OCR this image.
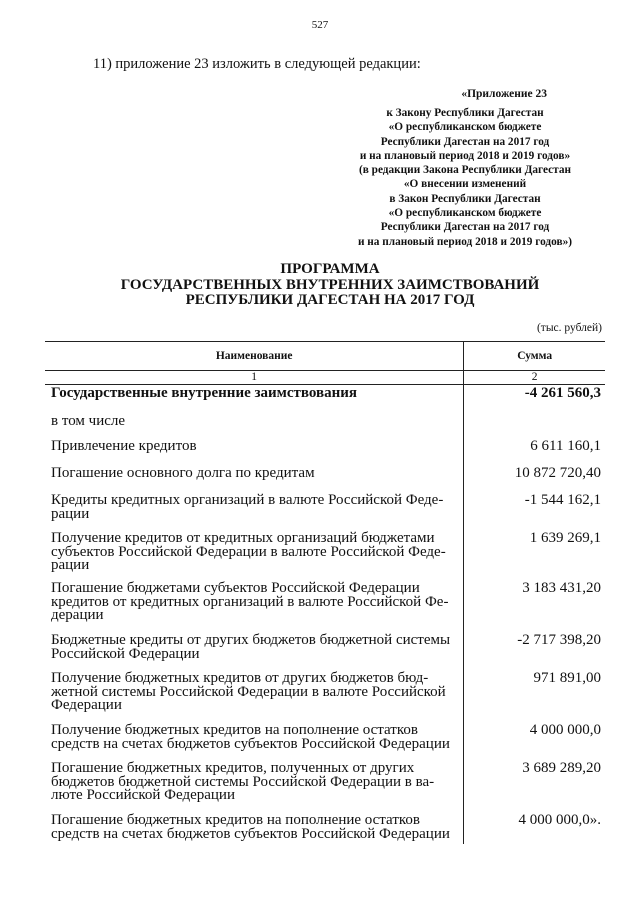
527
11) приложение 23 изложить в следующей редакции:
«Приложение 23
к Закону Республики Дагестан
«О республиканском бюджете
Республики Дагестан на 2017 год
и на плановый период 2018 и 2019 годов»
(в редакции Закона Республики Дагестан
«О внесении изменений
в Закон Республики Дагестан
«О республиканском бюджете
Республики Дагестан на 2017 год
и на плановый период 2018 и 2019 годов»)
ПРОГРАММА
ГОСУДАРСТВЕННЫХ ВНУТРЕННИХ ЗАИМСТВОВАНИЙ
РЕСПУБЛИКИ ДАГЕСТАН НА 2017 ГОД
(тыс. рублей)
Наименование	Сумма
1	2
Государственные внутренние заимствования	-4 261 560,3
в том числе	
Привлечение кредитов	6 611 160,1
Погашение основного долга по кредитам	10 872 720,40
Кредиты кредитных организаций в валюте Российской Феде-рации	-1 544 162,1
Получение кредитов от кредитных организаций бюджетами субъектов Российской Федерации в валюте Российской Феде-рации	1 639 269,1
Погашение бюджетами субъектов Российской Федерации кредитов от кредитных организаций в валюте Российской Фе-дерации	3 183 431,20
Бюджетные кредиты от других бюджетов бюджетной системы Российской Федерации	-2 717 398,20
Получение бюджетных кредитов от других бюджетов бюд-жетной системы Российской Федерации в валюте Российской Федерации	971 891,00
Получение бюджетных кредитов на пополнение остатков средств на счетах бюджетов субъектов Российской Федерации	4 000 000,0
Погашение бюджетных кредитов, полученных от других бюджетов бюджетной системы Российской Федерации в ва-люте Российской Федерации	3 689 289,20
Погашение бюджетных кредитов на пополнение остатков средств на счетах бюджетов субъектов Российской Федерации	4 000 000,0».
